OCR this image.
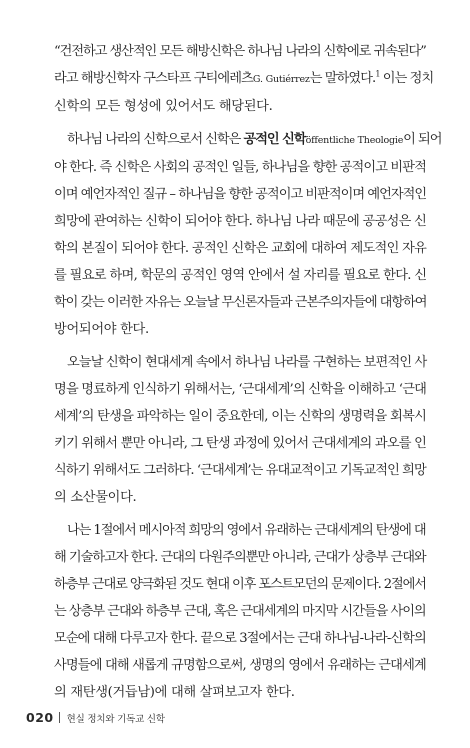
“건전하고 생산적인 모든 해방신학은 하나님 나라의 신학에로 귀속된다”
라고 해방신학자 구스타프 구티에레츠G. Gutiérrez는 말하였다.$^1$ 이는 정치
신학의 모든 형성에 있어서도 해당된다.

하나님 나라의 신학으로서 신학은 공적인 신학öffentliche Theologie이 되어
야 한다. 즉 신학은 사회의 공적인 일들, 하나님을 향한 공적이고 비판적
이며 예언자적인 질규 – 하나님을 향한 공적이고 비판적이며 예언자적인
희망에 관여하는 신학이 되어야 한다. 하나님 나라 때문에 공공성은 신
학의 본질이 되어야 한다. 공적인 신학은 교회에 대하여 제도적인 자유
를 필요로 하며, 학문의 공적인 영역 안에서 설 자리를 필요로 한다. 신
학이 갖는 이러한 자유는 오늘날 무신론자들과 근본주의자들에 대항하여
방어되어야 한다.

오늘날 신학이 현대세계 속에서 하나님 나라를 구현하는 보편적인 사
명을 명료하게 인식하기 위해서는, ‘근대세계’의 신학을 이해하고 ‘근대
세계’의 탄생을 파악하는 일이 중요한데, 이는 신학의 생명력을 회복시
키기 위해서 뿐만 아니라, 그 탄생 과정에 있어서 근대세계의 과오를 인
식하기 위해서도 그러하다. ‘근대세계’는 유대교적이고 기독교적인 희망
의 소산물이다.

나는 1절에서 메시아적 희망의 영에서 유래하는 근대세계의 탄생에 대
해 기술하고자 한다. 근대의 다원주의뿐만 아니라, 근대가 상층부 근대와
하층부 근대로 양극화된 것도 현대 이후 포스트모던의 문제이다. 2절에서
는 상층부 근대와 하층부 근대, 혹은 근대세계의 마지막 시간들을 사이의
모순에 대해 다루고자 한다. 끝으로 3절에서는 근대 하나님-나라-신학의
사명들에 대해 새롭게 규명함으로써, 생명의 영에서 유래하는 근대세계
의 재탄생(거듭남)에 대해 살펴보고자 한다.

020 현실 정치와 기독교 신학
